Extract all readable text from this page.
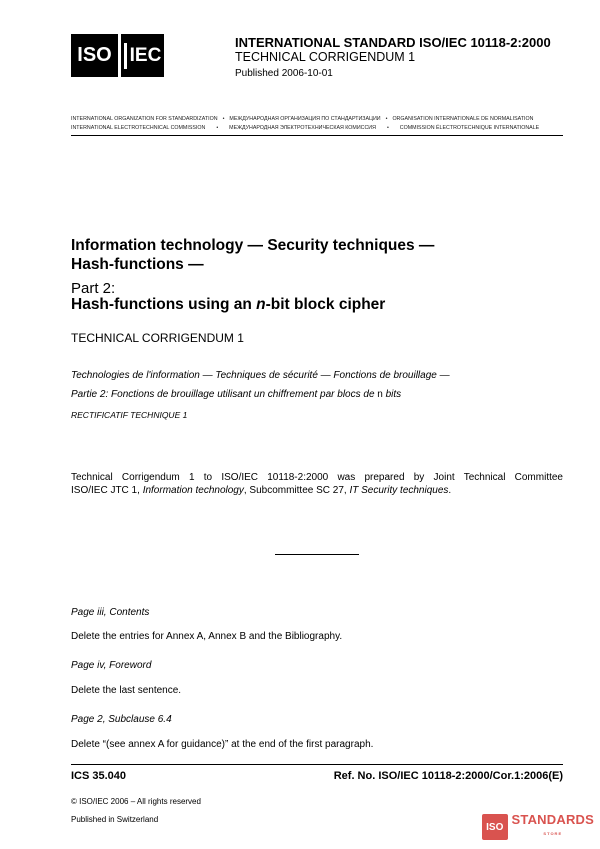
ISO IEC
INTERNATIONAL STANDARD ISO/IEC 10118-2:2000
TECHNICAL CORRIGENDUM 1
Published 2006-10-01
INTERNATIONAL ORGANIZATION FOR STANDARDIZATION • МЕЖДУНАРОДНАЯ ОРГАНИЗАЦИЯ ПО СТАНДАРТИЗАЦИИ • ORGANISATION INTERNATIONALE DE NORMALISATION
INTERNATIONAL ELECTROTECHNICAL COMMISSION • МЕЖДУНАРОДНАЯ ЭЛЕКТРОТЕХНИЧЕСКАЯ КОМИССИЯ • COMMISSION ÉLECTROTECHNIQUE INTERNATIONALE
Information technology — Security techniques —
Hash-functions —
Part 2:
Hash-functions using an n-bit block cipher
TECHNICAL CORRIGENDUM 1
Technologies de l'information — Techniques de sécurité — Fonctions de brouillage —
Partie 2: Fonctions de brouillage utilisant un chiffrement par blocs de n bits
RECTIFICATIF TECHNIQUE 1
Technical Corrigendum 1 to ISO/IEC 10118-2:2000 was prepared by Joint Technical Committee
ISO/IEC JTC 1, Information technology, Subcommittee SC 27, IT Security techniques.
Page iii, Contents
Delete the entries for Annex A, Annex B and the Bibliography.
Page iv, Foreword
Delete the last sentence.
Page 2, Subclause 6.4
Delete “(see annex A for guidance)” at the end of the first paragraph.
ICS 35.040	Ref. No. ISO/IEC 10118-2:2000/Cor.1:2006(E)
© ISO/IEC 2006 – All rights reserved
Published in Switzerland
ISO STANDARDS
STORE
